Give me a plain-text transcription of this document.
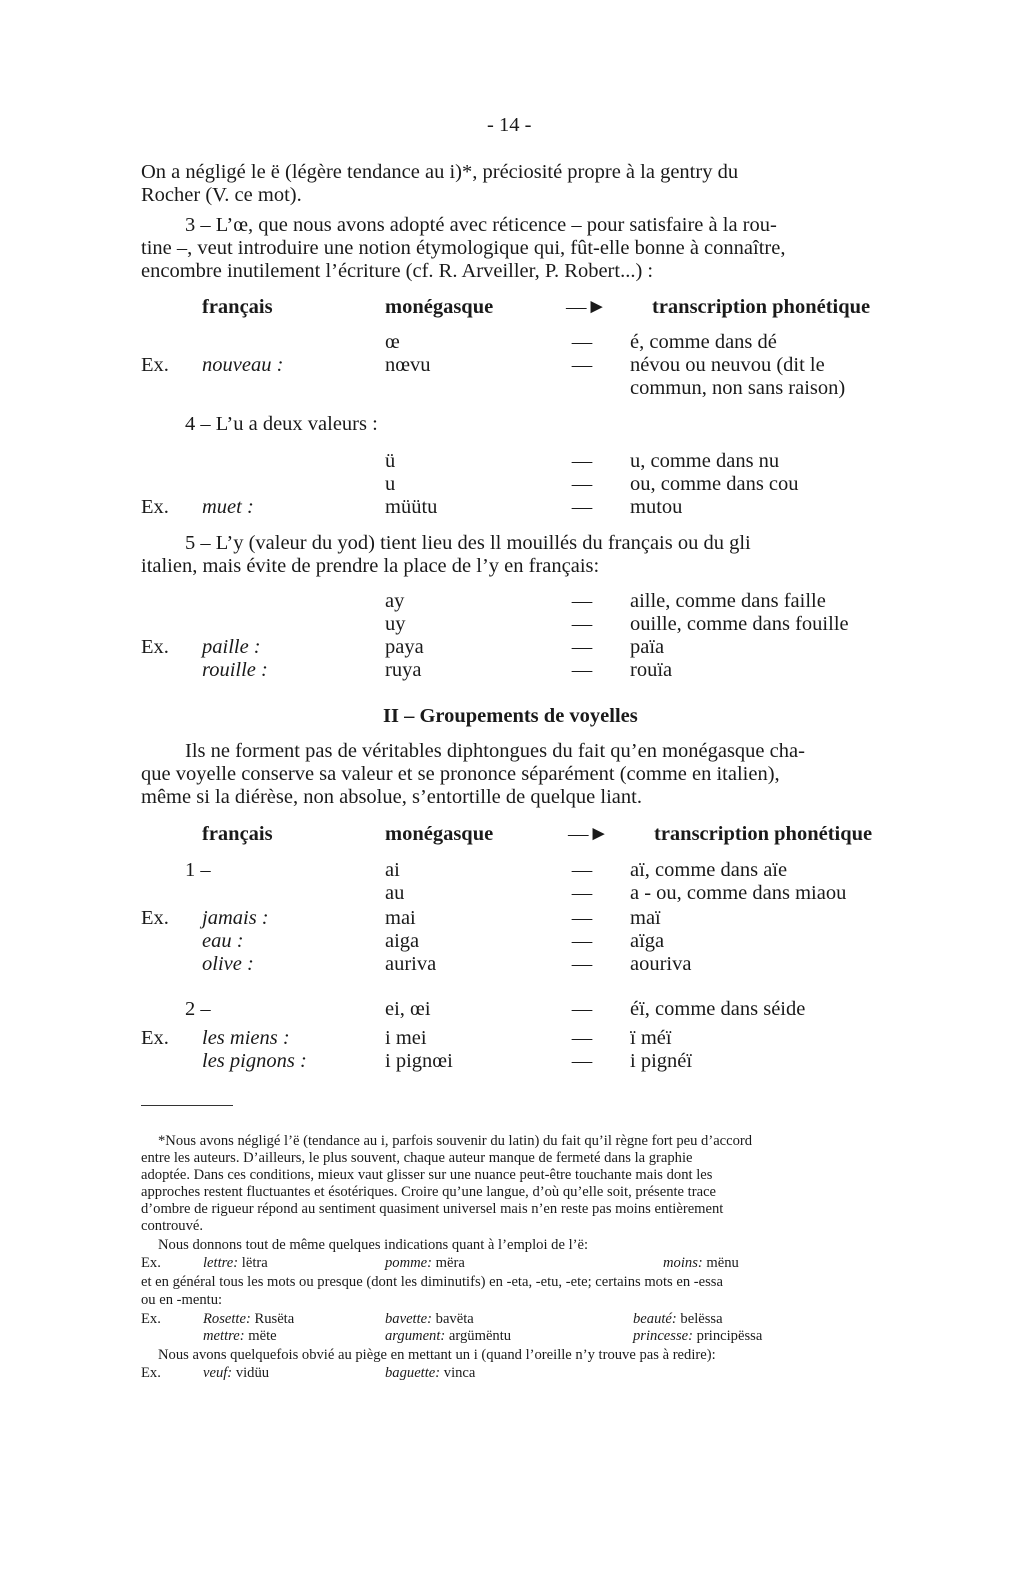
- 14 -
On a négligé le ë (légère tendance au i)*, préciosité propre à la gentry du
Rocher (V. ce mot).
3 – L’œ, que nous avons adopté avec réticence – pour satisfaire à la rou-
tine –, veut introduire une notion étymologique qui, fût-elle bonne à connaître,
encombre inutilement l’écriture (cf. R. Arveiller, P. Robert...) :
français	monégasque	—► transcription phonétique
œ	—	é, comme dans dé
Ex. nouveau :	nœvu	—	névou ou neuvou (dit le
commun, non sans raison)
4 – L’u a deux valeurs :
ü	—	u, comme dans nu
u	—	ou, comme dans cou
Ex. muet :	müütu	—	mutou
5 – L’y (valeur du yod) tient lieu des ll mouillés du français ou du gli
italien, mais évite de prendre la place de l’y en français:
ay	—	aille, comme dans faille
uy	—	ouille, comme dans fouille
Ex. paille :	paya	—	païa
rouille :	ruya	—	rouïa
II – Groupements de voyelles
Ils ne forment pas de véritables diphtongues du fait qu’en monégasque cha-
que voyelle conserve sa valeur et se prononce séparément (comme en italien),
même si la diérèse, non absolue, s’entortille de quelque liant.
français	monégasque	—► transcription phonétique
1 –	ai	—	aï, comme dans aïe
au	—	a - ou, comme dans miaou
Ex. jamais :	mai	—	maï
eau :	aiga	—	aïga
olive :	auriva	—	aouriva
2 –	ei, œi	—	éï, comme dans séide
Ex. les miens :	i mei	—	ï méï
les pignons :	i pignœi	—	i pignéï
*Nous avons négligé l’ë (tendance au i, parfois souvenir du latin) du fait qu’il règne fort peu d’accord
entre les auteurs. D’ailleurs, le plus souvent, chaque auteur manque de fermeté dans la graphie
adoptée. Dans ces conditions, mieux vaut glisser sur une nuance peut-être touchante mais dont les
approches restent fluctuantes et ésotériques. Croire qu’une langue, d’où qu’elle soit, présente trace
d’ombre de rigueur répond au sentiment quasiment universel mais n’en reste pas moins entièrement
controuvé.
Nous donnons tout de même quelques indications quant à l’emploi de l’ë:
Ex.	lettre: lëtra	pomme: mëra	moins: mënu
et en général tous les mots ou presque (dont les diminutifs) en -eta, -etu, -ete; certains mots en -essa
ou en -mentu:
Ex.	Rosette: Rusëta	bavette: bavëta	beauté: belëssa
mettre: mëte	argument: argümëntu	princesse: principëssa
Nous avons quelquefois obvié au piège en mettant un i (quand l’oreille n’y trouve pas à redire):
Ex.	veuf: vidüu	baguette: vinca
